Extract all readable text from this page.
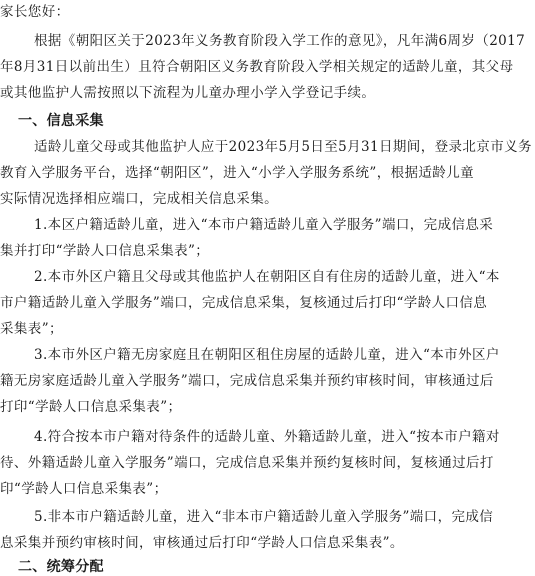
家长您好：
根据《朝阳区关于2023年义务教育阶段入学工作的意见》，凡年满6周岁（2017
年8月31日以前出生）且符合朝阳区义务教育阶段入学相关规定的适龄儿童，其父母
或其他监护人需按照以下流程为儿童办理小学入学登记手续。
一、信息采集
适龄儿童父母或其他监护人应于2023年5月5日至5月31日期间，登录北京市义务
教育入学服务平台，选择“朝阳区”，进入“小学入学服务系统”，根据适龄儿童
实际情况选择相应端口，完成相关信息采集。
1.本区户籍适龄儿童，进入“本市户籍适龄儿童入学服务”端口，完成信息采
集并打印“学龄人口信息采集表”；
2.本市外区户籍且父母或其他监护人在朝阳区自有住房的适龄儿童，进入“本
市户籍适龄儿童入学服务”端口，完成信息采集，复核通过后打印“学龄人口信息
采集表”；
3.本市外区户籍无房家庭且在朝阳区租住房屋的适龄儿童，进入“本市外区户
籍无房家庭适龄儿童入学服务”端口，完成信息采集并预约审核时间，审核通过后
打印“学龄人口信息采集表”；
4.符合按本市户籍对待条件的适龄儿童、外籍适龄儿童，进入“按本市户籍对
待、外籍适龄儿童入学服务”端口，完成信息采集并预约复核时间，复核通过后打
印“学龄人口信息采集表”；
5.非本市户籍适龄儿童，进入“非本市户籍适龄儿童入学服务”端口，完成信
息采集并预约审核时间，审核通过后打印“学龄人口信息采集表”。
二、统筹分配
